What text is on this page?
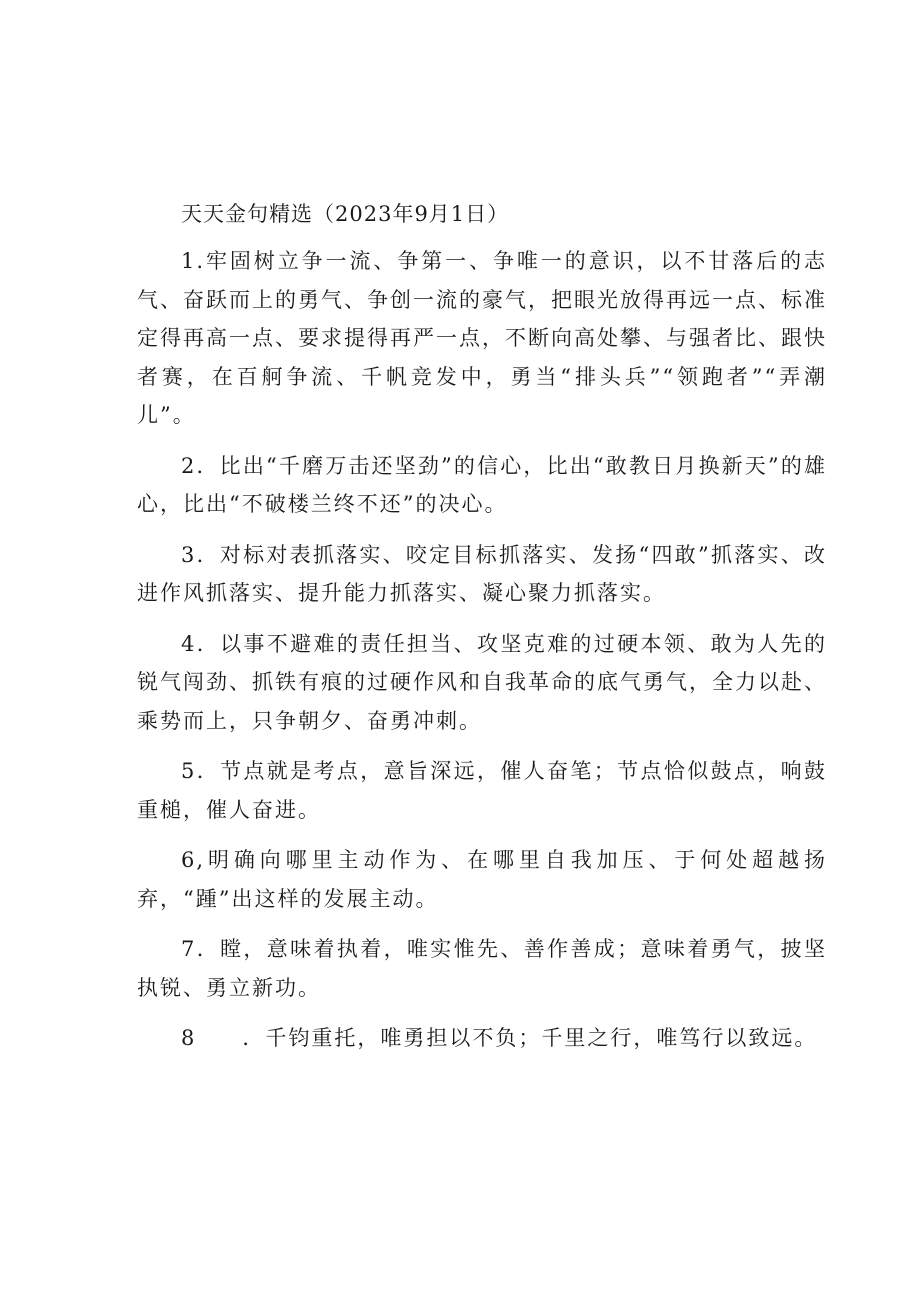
天天金句精选（2023年9月1日）

1.牢固树立争一流、争第一、争唯一的意识，以不甘落后的志气、奋跃而上的勇气、争创一流的豪气，把眼光放得再远一点、标准定得再高一点、要求提得再严一点，不断向高处攀、与强者比、跟快者赛，在百舸争流、千帆竞发中，勇当“排头兵”“领跑者”“弄潮儿”。

2．比出“千磨万击还坚劲”的信心，比出“敢教日月换新天”的雄心，比出“不破楼兰终不还”的决心。

3．对标对表抓落实、咬定目标抓落实、发扬“四敢”抓落实、改进作风抓落实、提升能力抓落实、凝心聚力抓落实。

4．以事不避难的责任担当、攻坚克难的过硬本领、敢为人先的锐气闯劲、抓铁有痕的过硬作风和自我革命的底气勇气，全力以赴、乘势而上，只争朝夕、奋勇冲刺。

5．节点就是考点，意旨深远，催人奋笔；节点恰似鼓点，响鼓重槌，催人奋进。

6,明确向哪里主动作为、在哪里自我加压、于何处超越扬弃，“踵”出这样的发展主动。

7．瞠，意味着执着，唯实惟先、善作善成；意味着勇气，披坚执锐、勇立新功。

8　　．千钧重托，唯勇担以不负；千里之行，唯笃行以致远。
